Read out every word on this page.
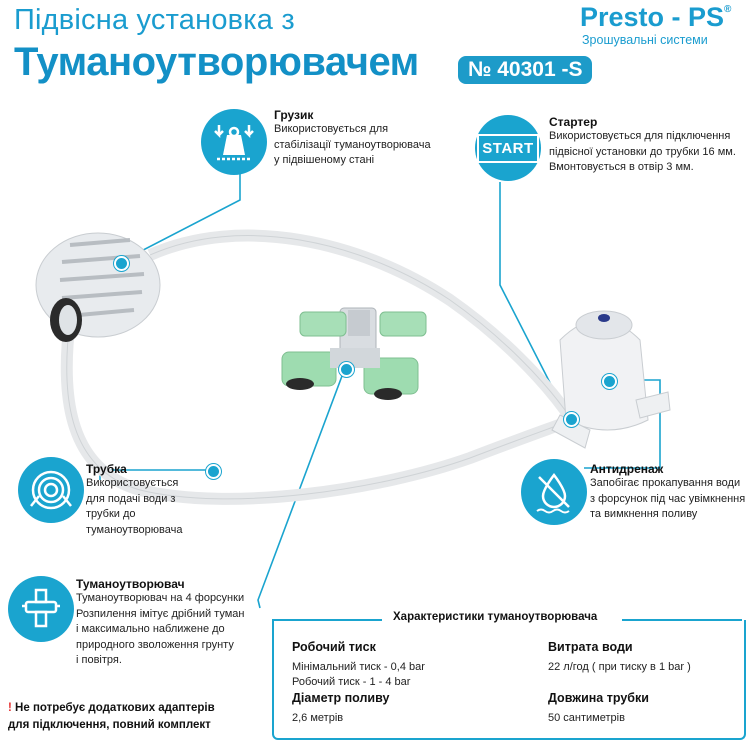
Підвісна установка з
Туманоутворювачем	№ 40301 -S
Presto - PS®
Зрошувальні системи
Грузик
Використовується для
стабілізації туманоутворювача
у підвішеному стані
START
Стартер
Використовується для підключення
підвісної установки до трубки 16 мм.
Вмонтовується в отвір 3 мм.
Трубка
Використовується
для подачі води з
трубки до
туманоутворювача
Антидренаж
Запобігає прокапування води
з форсунок під час увімкнення
та вимкнення поливу
Туманоутворювач
Туманоутворювач на 4 форсунки
Розпилення імітує дрібний туман
і максимально наближене до
природного зволоження грунту
і повітря.
Характеристики туманоутворювача
Робочий тиск
Мінімальний тиск - 0,4 bar
Робочий тиск - 1 - 4 bar
Витрата води
22 л/год ( при тиску в 1 bar )
Діаметр поливу
2,6 метрів
Довжина трубки
50 сантиметрів
! Не потребує додаткових адаптерів
для підключення, повний комплект
